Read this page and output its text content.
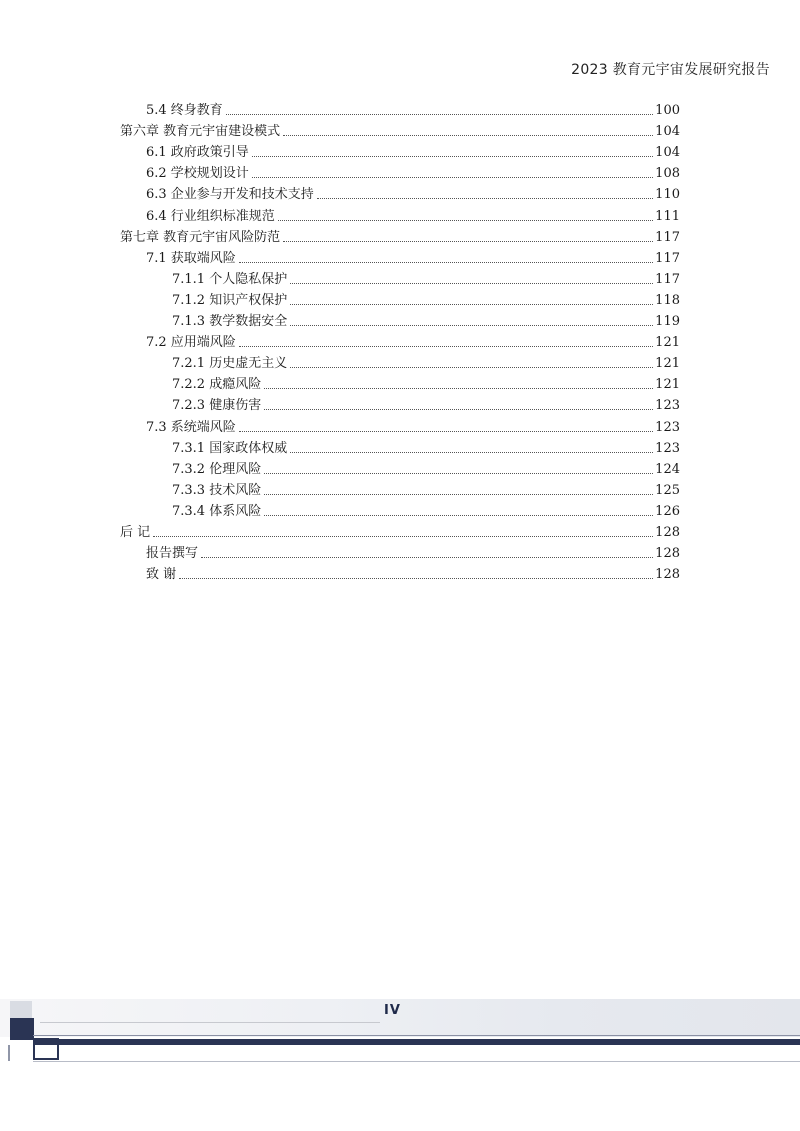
2023 教育元宇宙发展研究报告
5.4 终身教育	100
第六章 教育元宇宙建设模式	104
6.1 政府政策引导	104
6.2 学校规划设计	108
6.3 企业参与开发和技术支持	110
6.4 行业组织标准规范	111
第七章 教育元宇宙风险防范	117
7.1 获取端风险	117
7.1.1 个人隐私保护	117
7.1.2 知识产权保护	118
7.1.3 教学数据安全	119
7.2 应用端风险	121
7.2.1 历史虚无主义	121
7.2.2 成瘾风险	121
7.2.3 健康伤害	123
7.3 系统端风险	123
7.3.1 国家政体权威	123
7.3.2 伦理风险	124
7.3.3 技术风险	125
7.3.4 体系风险	126
后 记	128
报告撰写	128
致 谢	128
IV
